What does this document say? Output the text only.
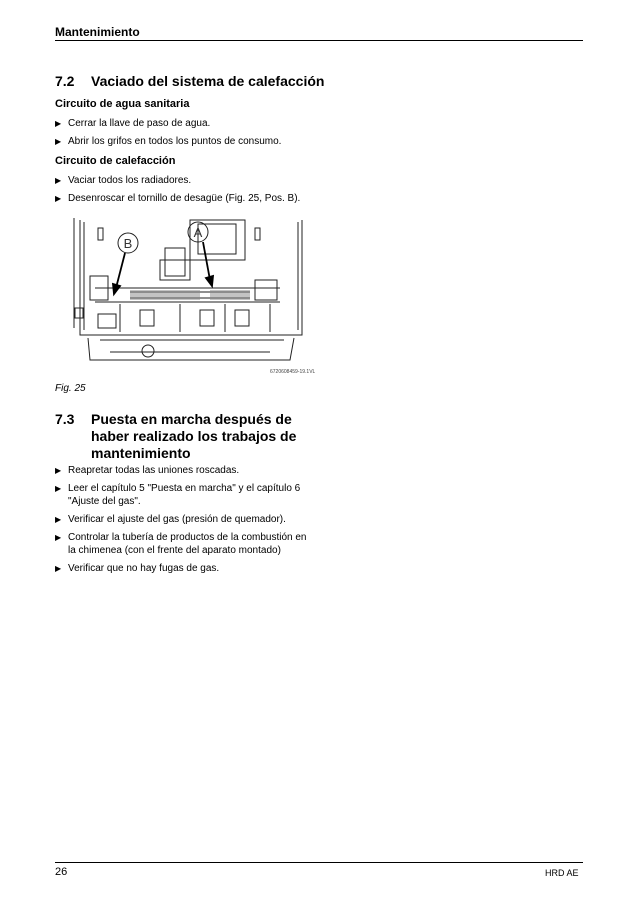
Mantenimiento
7.2 Vaciado del sistema de calefacción
Circuito de agua sanitaria
▶ Cerrar la llave de paso de agua.
▶ Abrir los grifos en todos los puntos de consumo.
Circuito de calefacción
▶ Vaciar todos los radiadores.
▶ Desenroscar el tornillo de desagüe (Fig. 25, Pos. B).
B
A
6720608459-19.1VL
Fig. 25
7.3 Puesta en marcha después de
haber realizado los trabajos de
mantenimiento
▶ Reapretar todas las uniones roscadas.
▶ Leer el capítulo 5 "Puesta en marcha" y el capítulo 6 "Ajuste del gas".
▶ Verificar el ajuste del gas (presión de quemador).
▶ Controlar la tubería de productos de la combustión en la chimenea (con el frente del aparato montado)
▶ Verificar que no hay fugas de gas.
26	HRD AE
